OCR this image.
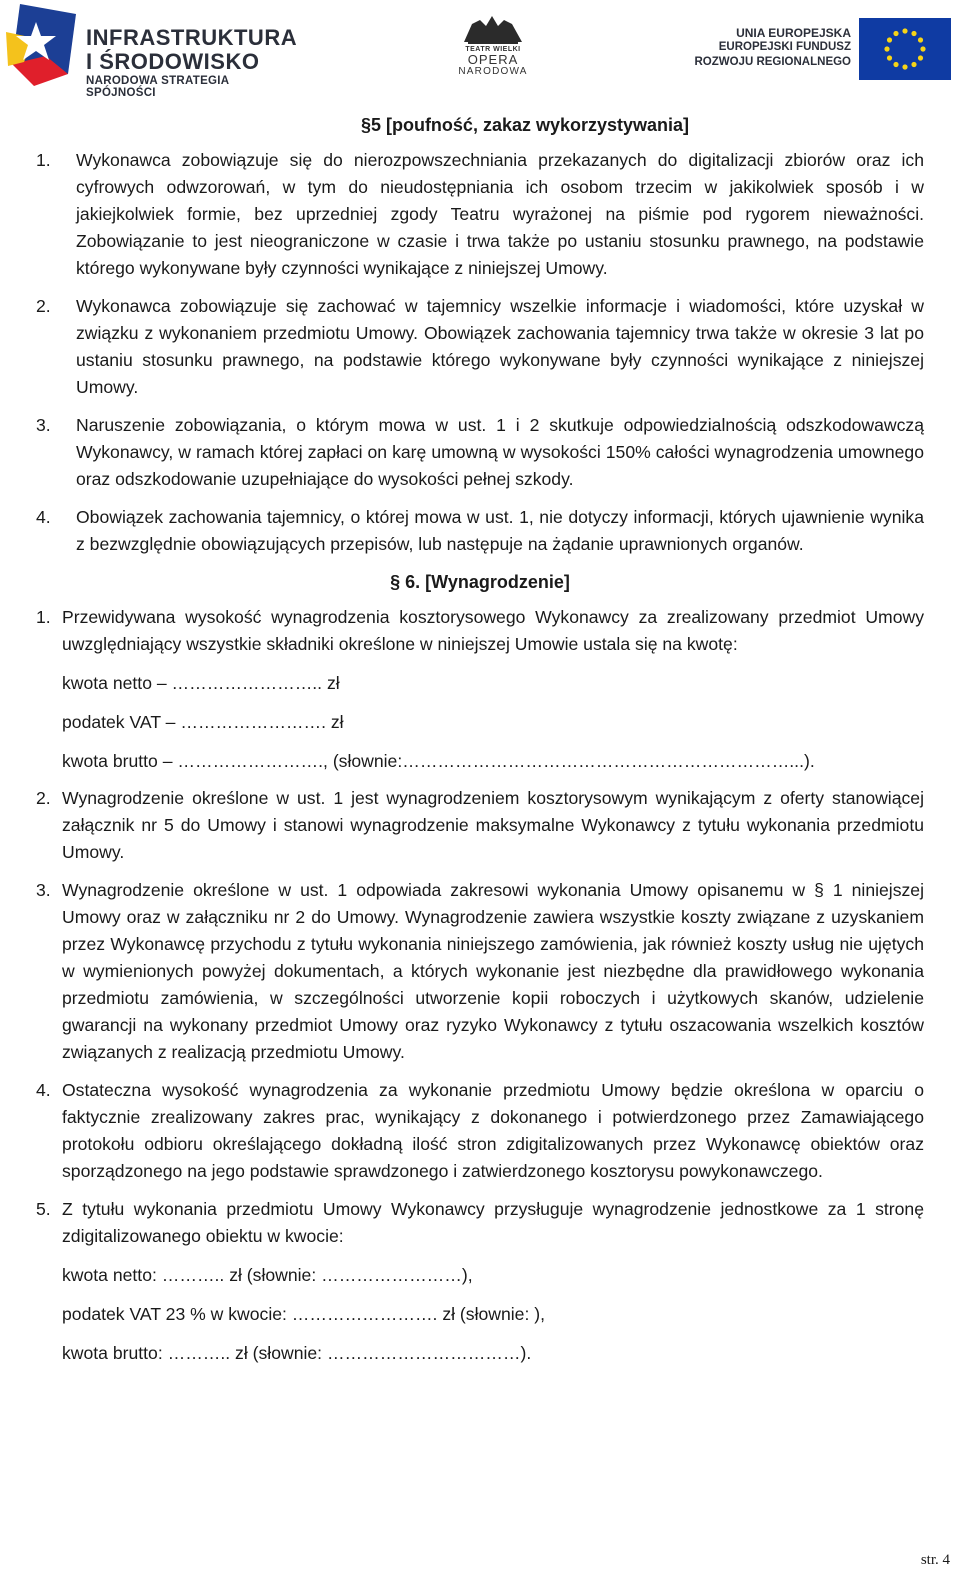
INFRASTRUKTURA
I ŚRODOWISKO
NARODOWA STRATEGIA SPÓJNOŚCI
TEATR WIELKI
OPERA
NARODOWA
UNIA EUROPEJSKA
EUROPEJSKI FUNDUSZ
ROZWOJU REGIONALNEGO
§5 [poufność, zakaz wykorzystywania]
1.	Wykonawca zobowiązuje się do nierozpowszechniania przekazanych do digitalizacji zbiorów oraz ich cyfrowych odwzorowań, w tym do nieudostępniania ich osobom trzecim w jakikolwiek sposób i w jakiejkolwiek formie, bez uprzedniej zgody Teatru wyrażonej na piśmie pod rygorem nieważności. Zobowiązanie to jest nieograniczone w czasie i trwa także po ustaniu stosunku prawnego, na podstawie którego wykonywane były czynności wynikające z niniejszej Umowy.
2.	Wykonawca zobowiązuje się zachować w tajemnicy wszelkie informacje i wiadomości, które uzyskał w związku z wykonaniem przedmiotu Umowy. Obowiązek zachowania tajemnicy trwa także w okresie 3 lat po ustaniu stosunku prawnego, na podstawie którego wykonywane były czynności wynikające z niniejszej Umowy.
3.	Naruszenie zobowiązania, o którym mowa w ust. 1 i 2 skutkuje odpowiedzialnością odszkodowawczą Wykonawcy, w ramach której zapłaci on karę umowną w wysokości 150% całości wynagrodzenia umownego oraz odszkodowanie uzupełniające do wysokości pełnej szkody.
4.	Obowiązek zachowania tajemnicy, o której mowa w ust. 1, nie dotyczy informacji, których ujawnienie wynika z bezwzględnie obowiązujących przepisów, lub następuje na żądanie uprawnionych organów.
§ 6. [Wynagrodzenie]
1. Przewidywana wysokość wynagrodzenia kosztorysowego Wykonawcy za zrealizowany przedmiot Umowy uwzględniający wszystkie składniki określone w niniejszej Umowie ustala się na kwotę:
kwota netto – …………………….. zł
podatek VAT – ……………………. zł
kwota brutto – ……………………., (słownie:…………………………………………………………...).
2. Wynagrodzenie określone w ust. 1 jest wynagrodzeniem kosztorysowym wynikającym z oferty stanowiącej załącznik nr 5 do Umowy i stanowi wynagrodzenie maksymalne Wykonawcy z tytułu wykonania przedmiotu Umowy.
3. Wynagrodzenie określone w ust. 1 odpowiada zakresowi wykonania Umowy opisanemu w § 1 niniejszej Umowy oraz w załączniku nr 2 do Umowy. Wynagrodzenie zawiera wszystkie koszty związane z uzyskaniem przez Wykonawcę przychodu z tytułu wykonania niniejszego zamówienia, jak również koszty usług nie ujętych w wymienionych powyżej dokumentach, a których wykonanie jest niezbędne dla prawidłowego wykonania przedmiotu zamówienia, w szczególności utworzenie kopii roboczych i użytkowych skanów, udzielenie gwarancji na wykonany przedmiot Umowy oraz ryzyko Wykonawcy z tytułu oszacowania wszelkich kosztów związanych z realizacją przedmiotu Umowy.
4. Ostateczna wysokość wynagrodzenia za wykonanie przedmiotu Umowy będzie określona w oparciu o faktycznie zrealizowany zakres prac, wynikający z dokonanego i potwierdzonego przez Zamawiającego protokołu odbioru określającego dokładną ilość stron zdigitalizowanych przez Wykonawcę obiektów oraz sporządzonego na jego podstawie sprawdzonego i zatwierdzonego kosztorysu powykonawczego.
5. Z tytułu wykonania przedmiotu Umowy Wykonawcy przysługuje wynagrodzenie jednostkowe za 1 stronę zdigitalizowanego obiektu w kwocie:
kwota netto: ……….. zł (słownie: ……………………),
podatek VAT 23 % w kwocie: ……………………. zł (słownie: ),
kwota brutto: ……….. zł (słownie: ……………………………).
str. 4
